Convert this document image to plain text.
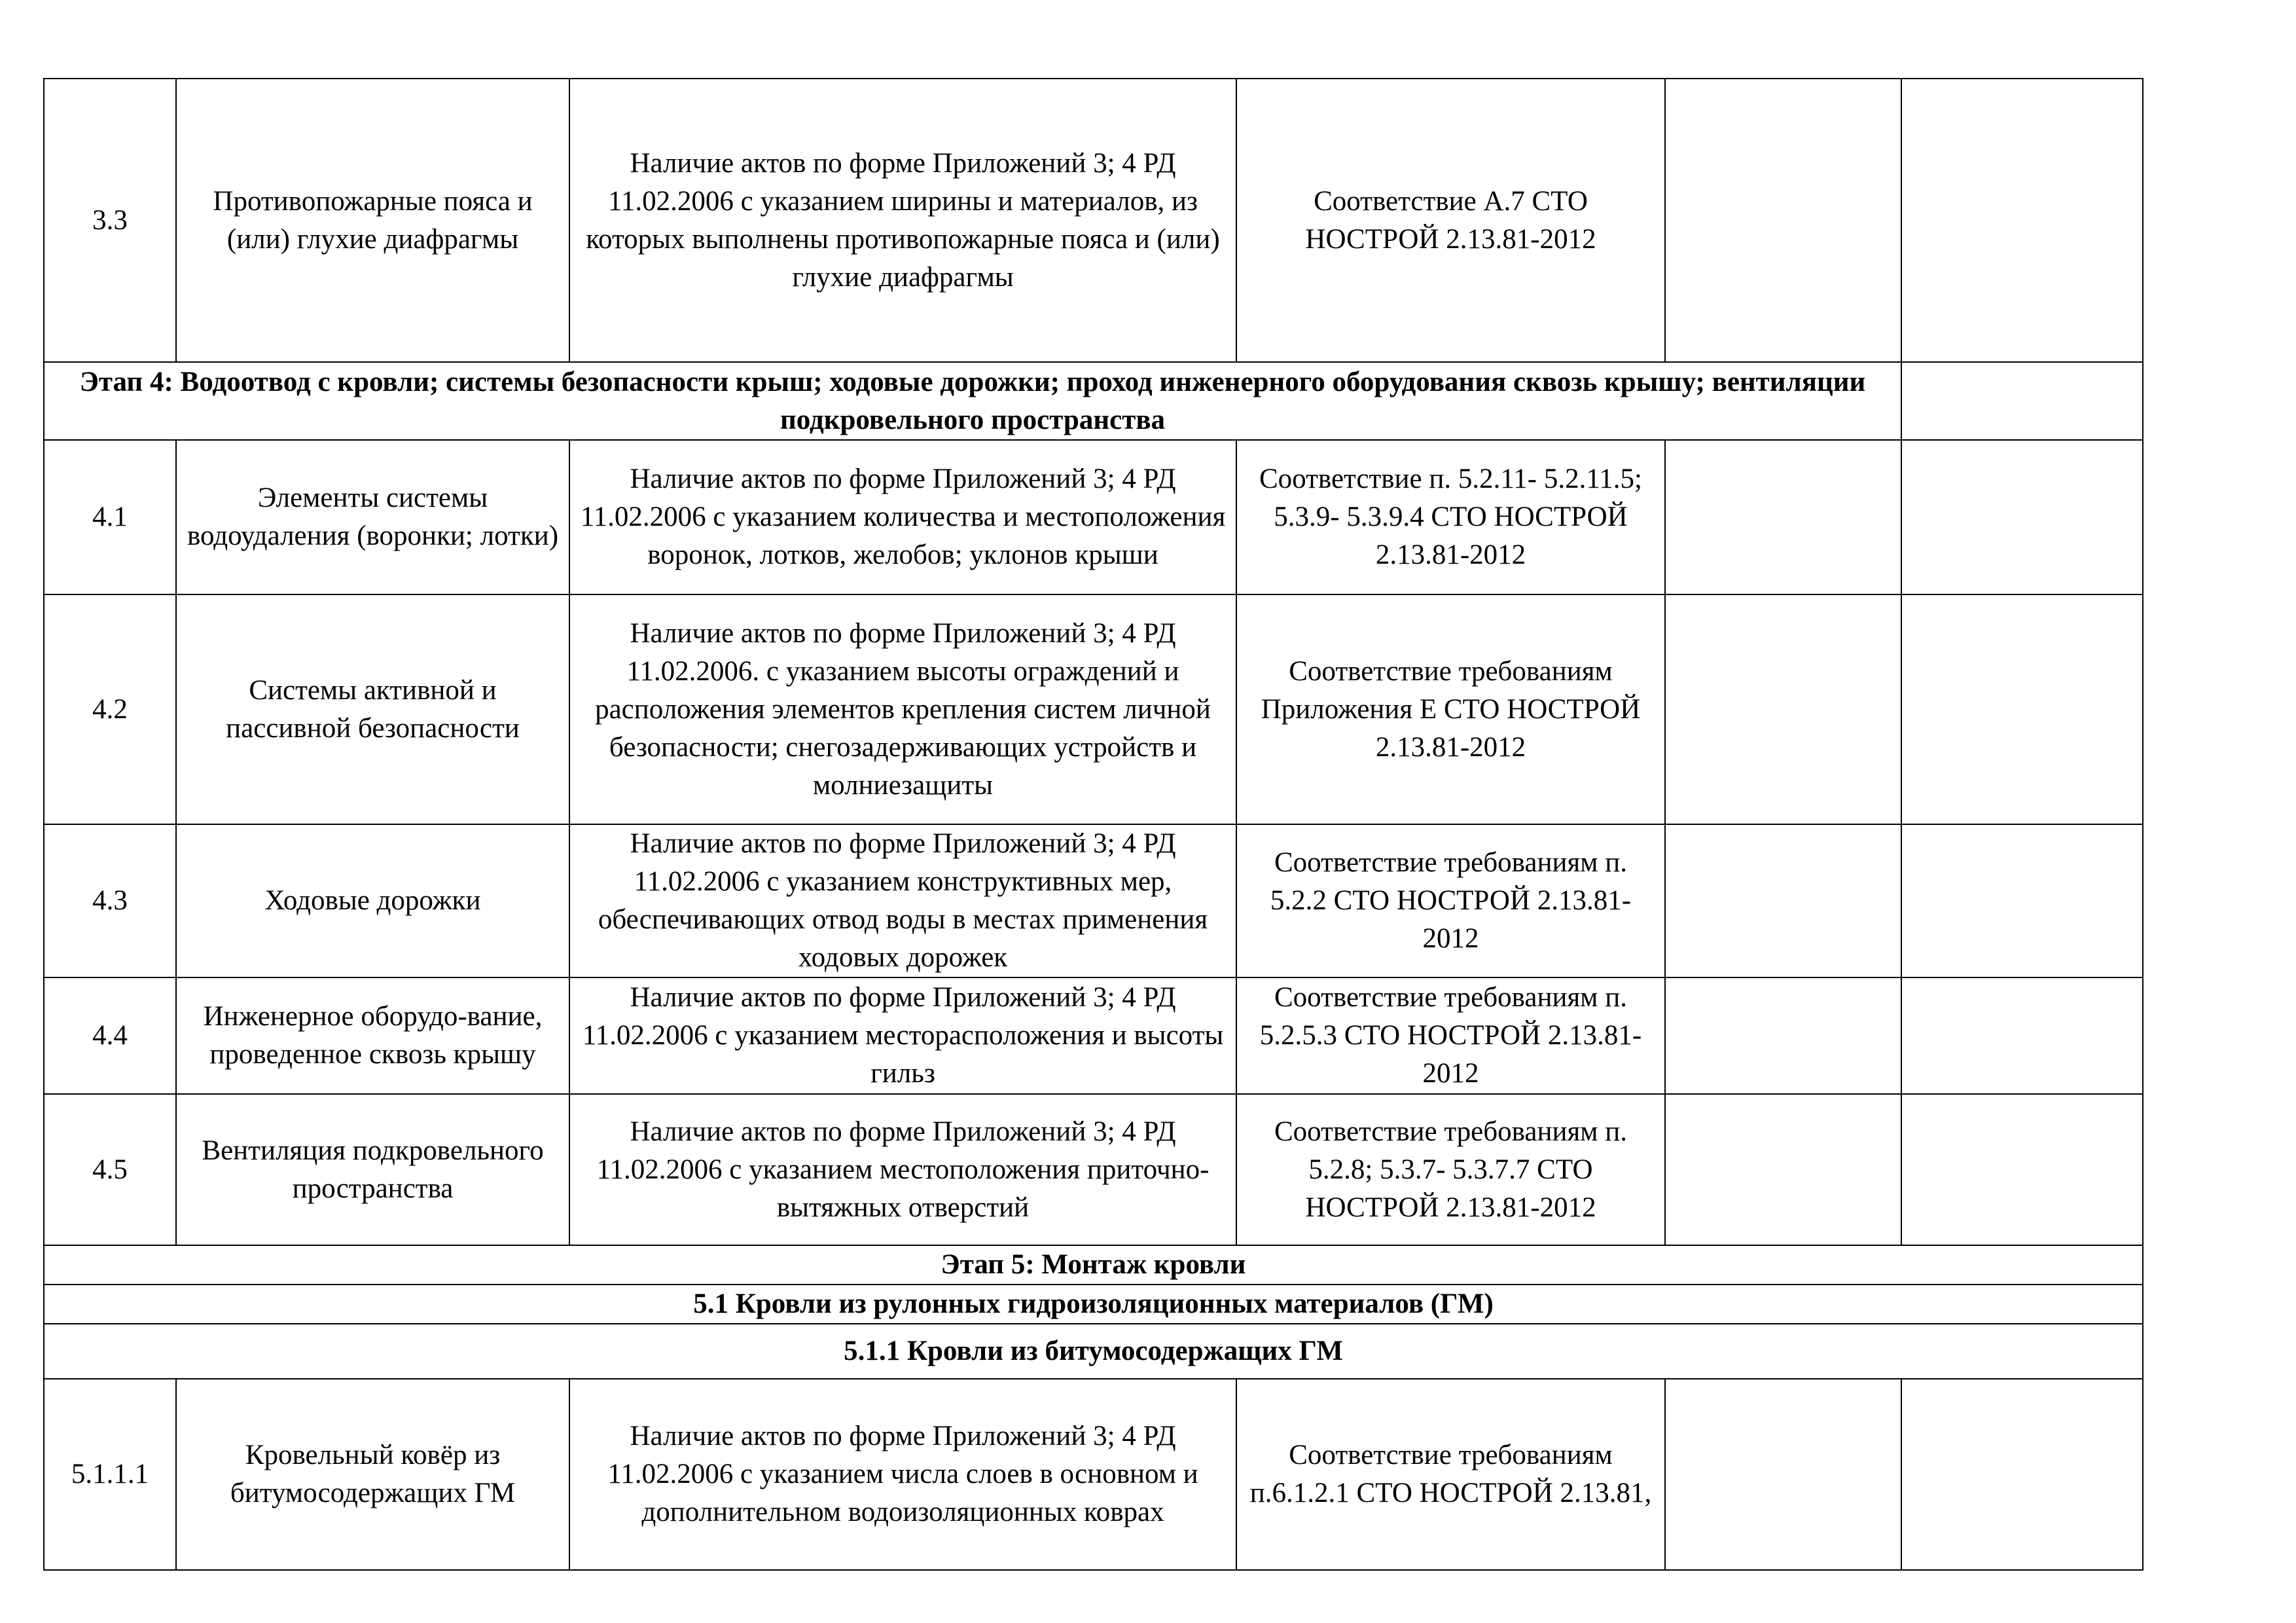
3.3	Противопожарные пояса и (или) глухие диафрагмы	Наличие актов по форме Приложений 3; 4 РД 11.02.2006 с указанием ширины и материалов, из которых выполнены противопожарные пояса и (или) глухие диафрагмы	Соответствие А.7 СТО НОСТРОЙ 2.13.81-2012		
Этап 4: Водоотвод с кровли; системы безопасности крыш; ходовые дорожки; проход инженерного оборудования сквозь крышу; вентиляции подкровельного пространства					
4.1	Элементы системы водоудаления (воронки; лотки)	Наличие актов по форме Приложений 3; 4 РД 11.02.2006 с указанием количества и местоположения воронок, лотков, желобов; уклонов крыши	Соответствие п. 5.2.11- 5.2.11.5; 5.3.9- 5.3.9.4 СТО НОСТРОЙ 2.13.81-2012		
4.2	Системы активной и пассивной безопасности	Наличие актов по форме Приложений 3; 4 РД 11.02.2006. с указанием высоты ограждений и расположения элементов крепления систем личной безопасности; снегозадерживающих устройств и молниезащиты	Соответствие требованиям Приложения Е СТО НОСТРОЙ 2.13.81-2012		
4.3	Ходовые дорожки	Наличие актов по форме Приложений 3; 4 РД 11.02.2006 с указанием конструктивных мер, обеспечивающих отвод воды в местах применения ходовых дорожек	Соответствие требованиям п. 5.2.2 СТО НОСТРОЙ 2.13.81-2012		
4.4	Инженерное оборудо-вание, проведенное сквозь крышу	Наличие актов по форме Приложений 3; 4 РД 11.02.2006 с указанием месторасположения и высоты гильз	Соответствие требованиям п. 5.2.5.3 СТО НОСТРОЙ 2.13.81-2012		
4.5	Вентиляция подкровельного пространства	Наличие актов по форме Приложений 3; 4 РД 11.02.2006 с указанием местоположения приточно-вытяжных отверстий	Соответствие требованиям п. 5.2.8; 5.3.7- 5.3.7.7 СТО НОСТРОЙ 2.13.81-2012		
Этап 5: Монтаж кровли					
5.1 Кровли из рулонных гидроизоляционных материалов (ГМ)					
5.1.1 Кровли из битумосодержащих ГМ					
5.1.1.1	Кровельный ковёр из битумосодержащих ГМ	Наличие актов по форме Приложений 3; 4 РД 11.02.2006 с указанием числа слоев в основном и дополнительном водоизоляционных коврах	Соответствие требованиям п.6.1.2.1 СТО НОСТРОЙ 2.13.81,		
